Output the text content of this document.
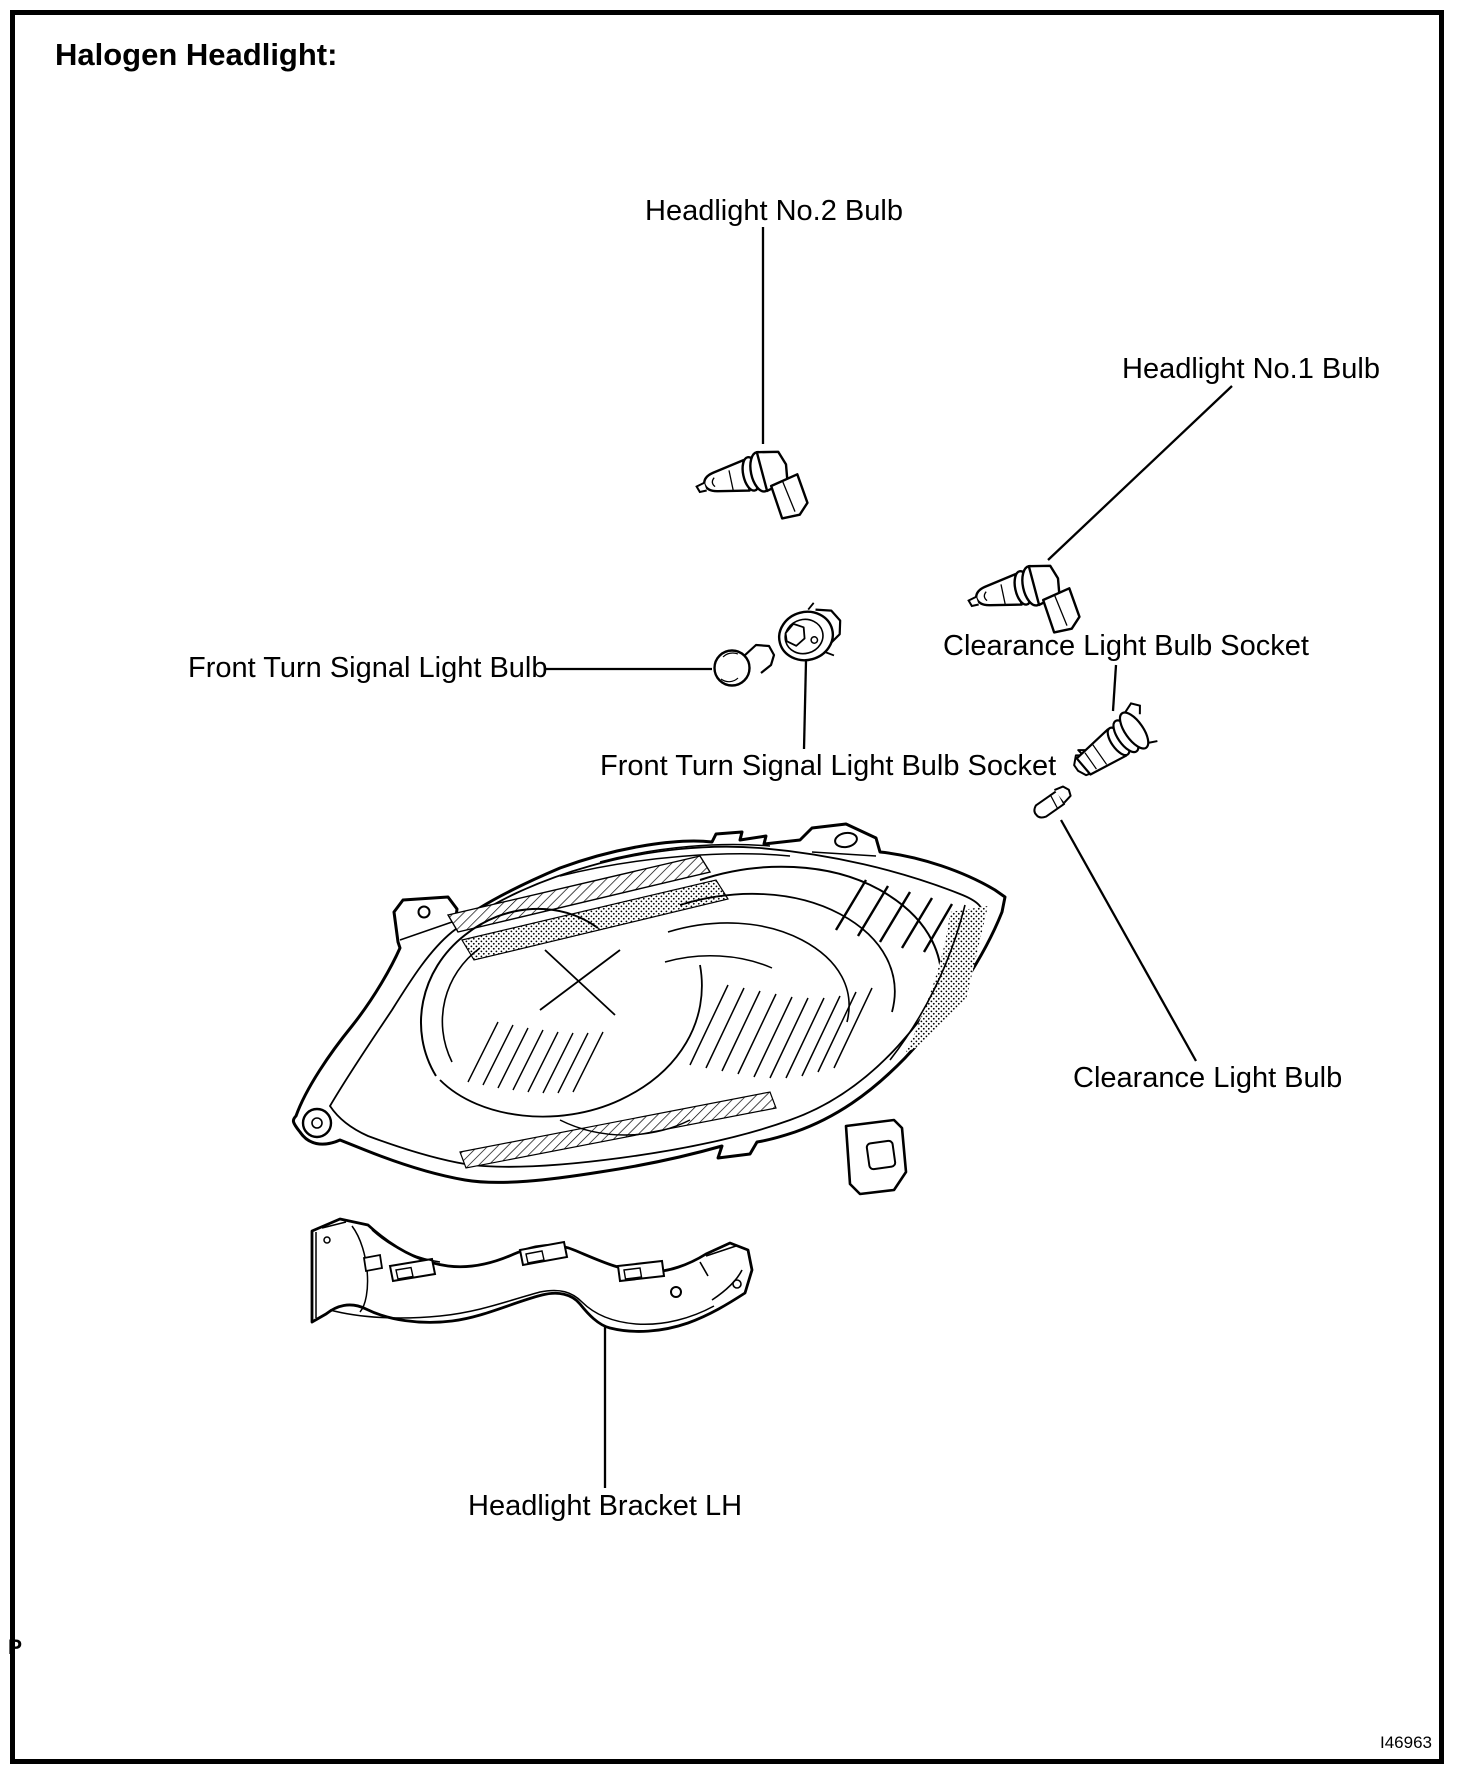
Halogen Headlight:
Headlight No.2 Bulb
Headlight No.1 Bulb
Front Turn Signal Light Bulb
Front Turn Signal Light Bulb Socket
Clearance Light Bulb Socket
Clearance Light Bulb
Headlight Bracket LH
I46963
P
